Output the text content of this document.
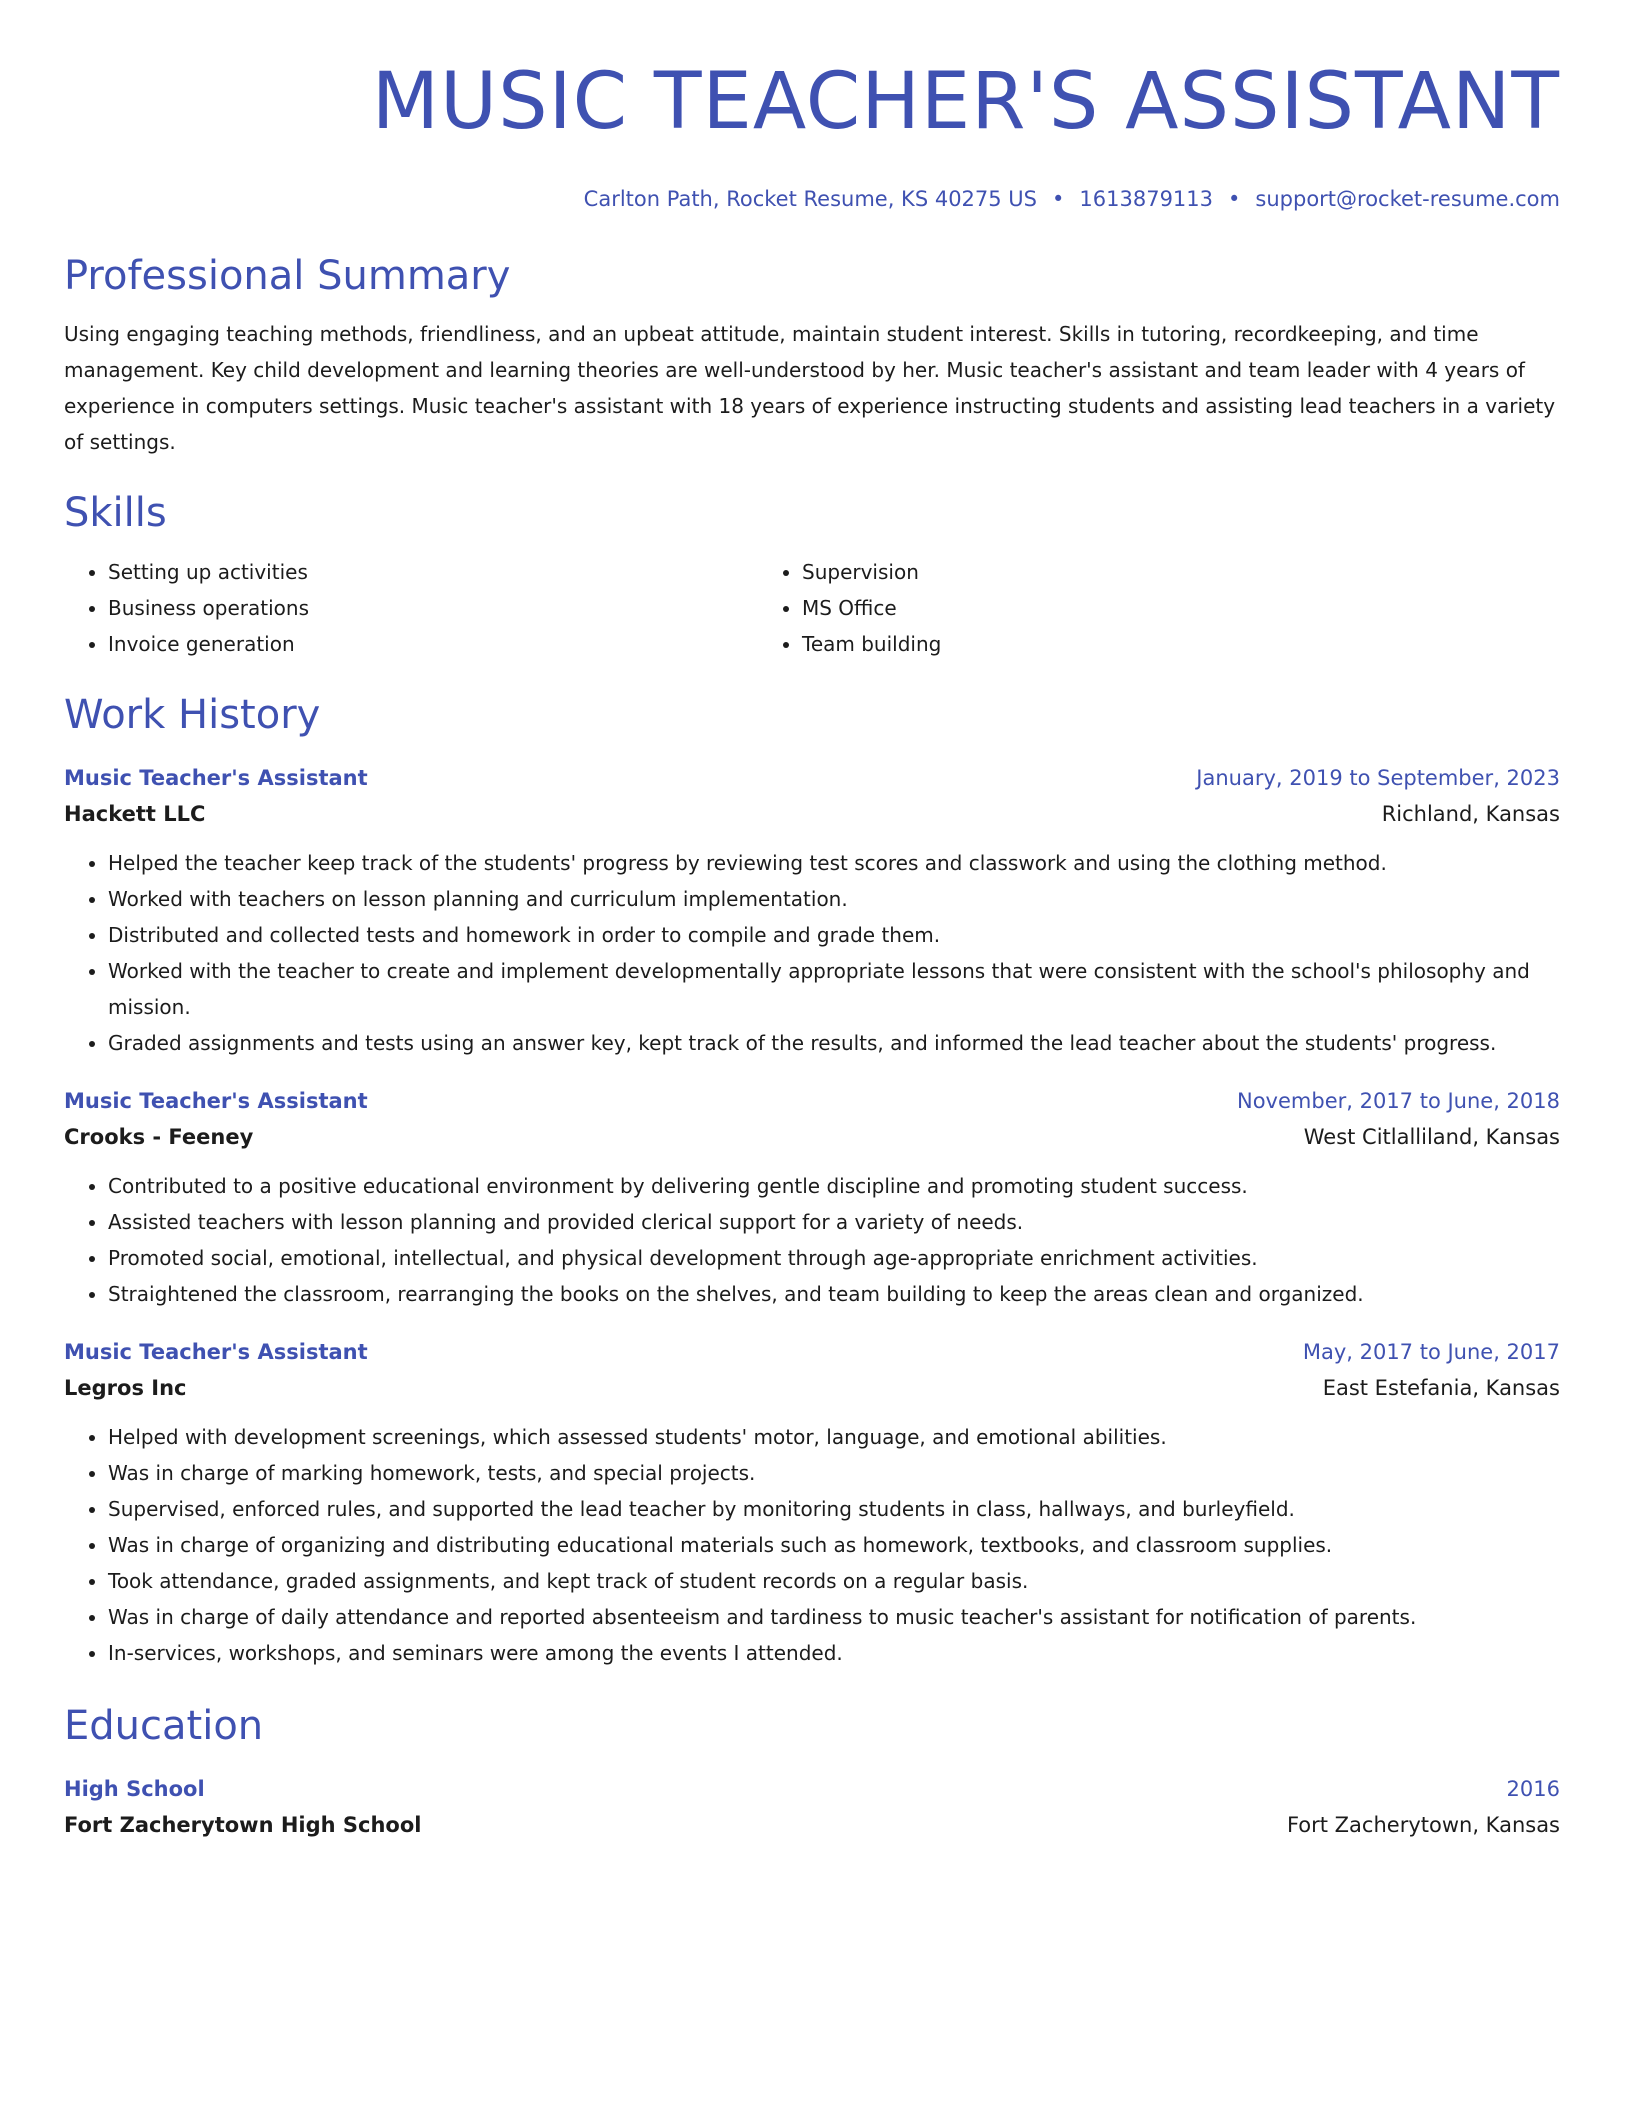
MUSIC TEACHER'S ASSISTANT
Carlton Path, Rocket Resume, KS 40275 US • 1613879113 • support@rocket-resume.com
Professional Summary
Using engaging teaching methods, friendliness, and an upbeat attitude, maintain student interest. Skills in tutoring, recordkeeping, and time management. Key child development and learning theories are well-understood by her. Music teacher's assistant and team leader with 4 years of experience in computers settings. Music teacher's assistant with 18 years of experience instructing students and assisting lead teachers in a variety of settings.
Skills
• Setting up activities
• Business operations
• Invoice generation
• Supervision
• MS Office
• Team building
Work History
Music Teacher's Assistant	January, 2019 to September, 2023
Hackett LLC	Richland, Kansas
• Helped the teacher keep track of the students' progress by reviewing test scores and classwork and using the clothing method.
• Worked with teachers on lesson planning and curriculum implementation.
• Distributed and collected tests and homework in order to compile and grade them.
• Worked with the teacher to create and implement developmentally appropriate lessons that were consistent with the school's philosophy and mission.
• Graded assignments and tests using an answer key, kept track of the results, and informed the lead teacher about the students' progress.
Music Teacher's Assistant	November, 2017 to June, 2018
Crooks - Feeney	West Citlalliland, Kansas
• Contributed to a positive educational environment by delivering gentle discipline and promoting student success.
• Assisted teachers with lesson planning and provided clerical support for a variety of needs.
• Promoted social, emotional, intellectual, and physical development through age-appropriate enrichment activities.
• Straightened the classroom, rearranging the books on the shelves, and team building to keep the areas clean and organized.
Music Teacher's Assistant	May, 2017 to June, 2017
Legros Inc	East Estefania, Kansas
• Helped with development screenings, which assessed students' motor, language, and emotional abilities.
• Was in charge of marking homework, tests, and special projects.
• Supervised, enforced rules, and supported the lead teacher by monitoring students in class, hallways, and burleyfield.
• Was in charge of organizing and distributing educational materials such as homework, textbooks, and classroom supplies.
• Took attendance, graded assignments, and kept track of student records on a regular basis.
• Was in charge of daily attendance and reported absenteeism and tardiness to music teacher's assistant for notification of parents.
• In-services, workshops, and seminars were among the events I attended.
Education
High School	2016
Fort Zacherytown High School	Fort Zacherytown, Kansas
